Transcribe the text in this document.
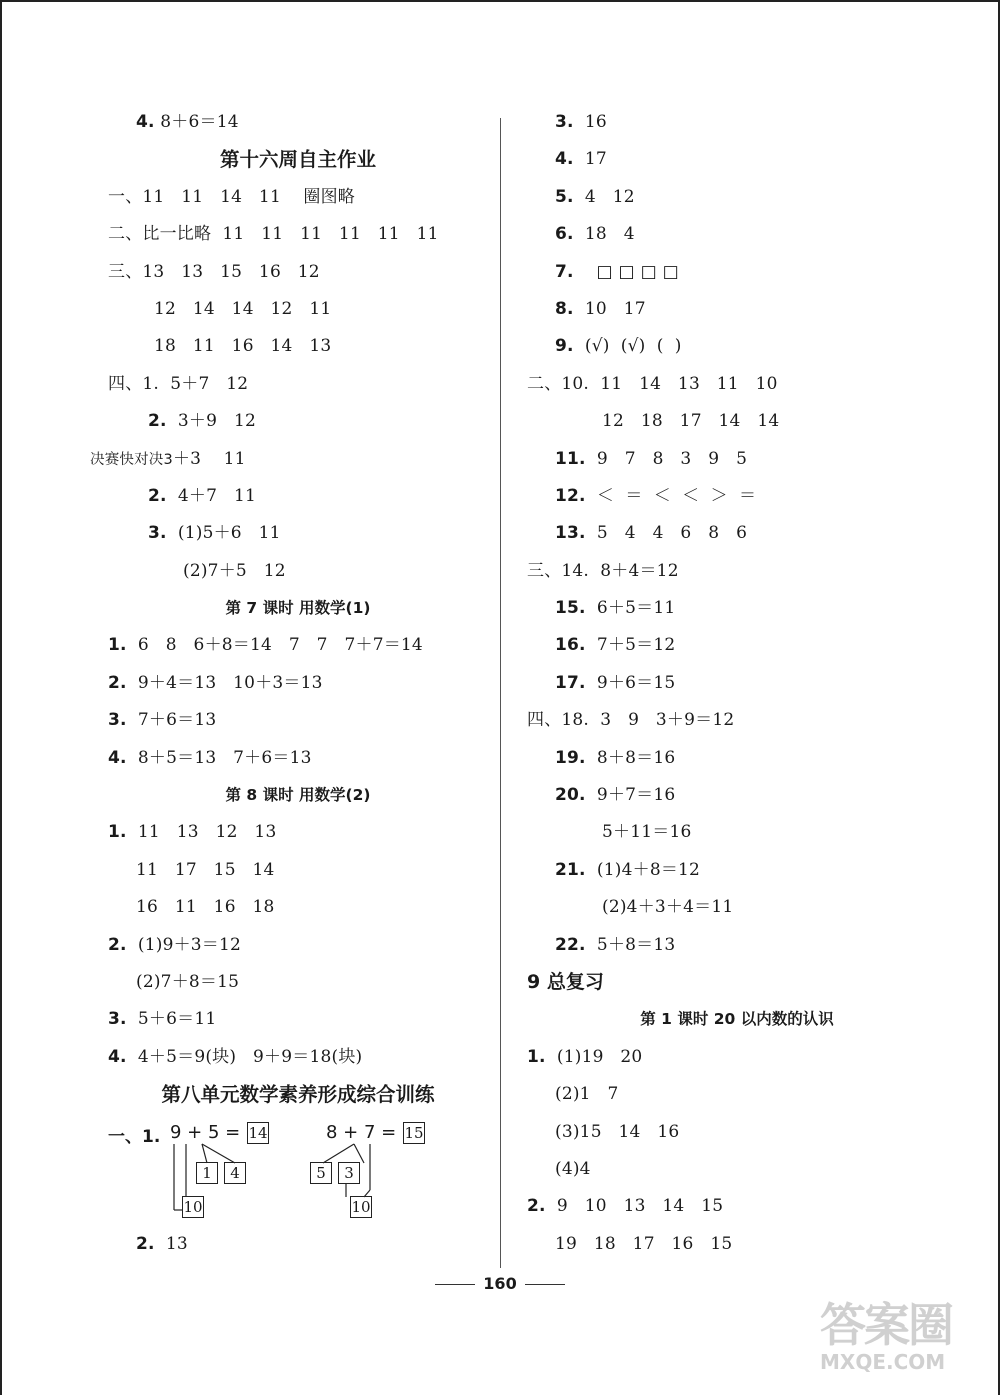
4. 8＋6＝14
第十六周自主作业
一、11   11   14   11    圈图略
二、比一比略  11   11   11   11   11   11
三、13   13   15   16   12
12   14   14   12   11
18   11   16   14   13
四、1.  5＋7   12
2.  3＋9   12
决赛快对决3＋3    11
2.  4＋7   11
3.  (1)5＋6   11
(2)7＋5   12
第 7 课时 用数学(1)
1.  6   8   6＋8＝14   7   7   7＋7＝14
2.  9＋4＝13   10＋3＝13
3.  7＋6＝13
4.  8＋5＝13   7＋6＝13
第 8 课时 用数学(2)
1.  11   13   12   13
11   17   15   14
16   11   16   18
2.  (1)9＋3＝12
(2)7＋8＝15
3.  5＋6＝11
4.  4＋5＝9(块)   9＋9＝18(块)
第八单元数学素养形成综合训练
一、1. 9 + 5 = 14
1	4
10
8 + 7 = 15
5	3
10
2.  13
3.  16
4.  17
5.  4   12
6.  18   4
7.  □□□□
8.  10   17
9.  (√)  (√)  (  )
二、10.  11   14   13   11   10
12   18   17   14   14
11.  9   7   8   3   9   5
12.  ＜  ＝  ＜  ＜  ＞  ＝
13.  5   4   4   6   8   6
三、14.  8＋4＝12
15.  6＋5＝11
16.  7＋5＝12
17.  9＋6＝15
四、18.  3   9   3＋9＝12
19.  8＋8＝16
20.  9＋7＝16
5＋11＝16
21.  (1)4＋8＝12
(2)4＋3＋4＝11
22.  5＋8＝13
9 总复习
第 1 课时 20 以内数的认识
1.  (1)19   20
(2)1   7
(3)15   14   16
(4)4
2.  9   10   13   14   15
19   18   17   16   15
160
答案圈
MXQE.COM
